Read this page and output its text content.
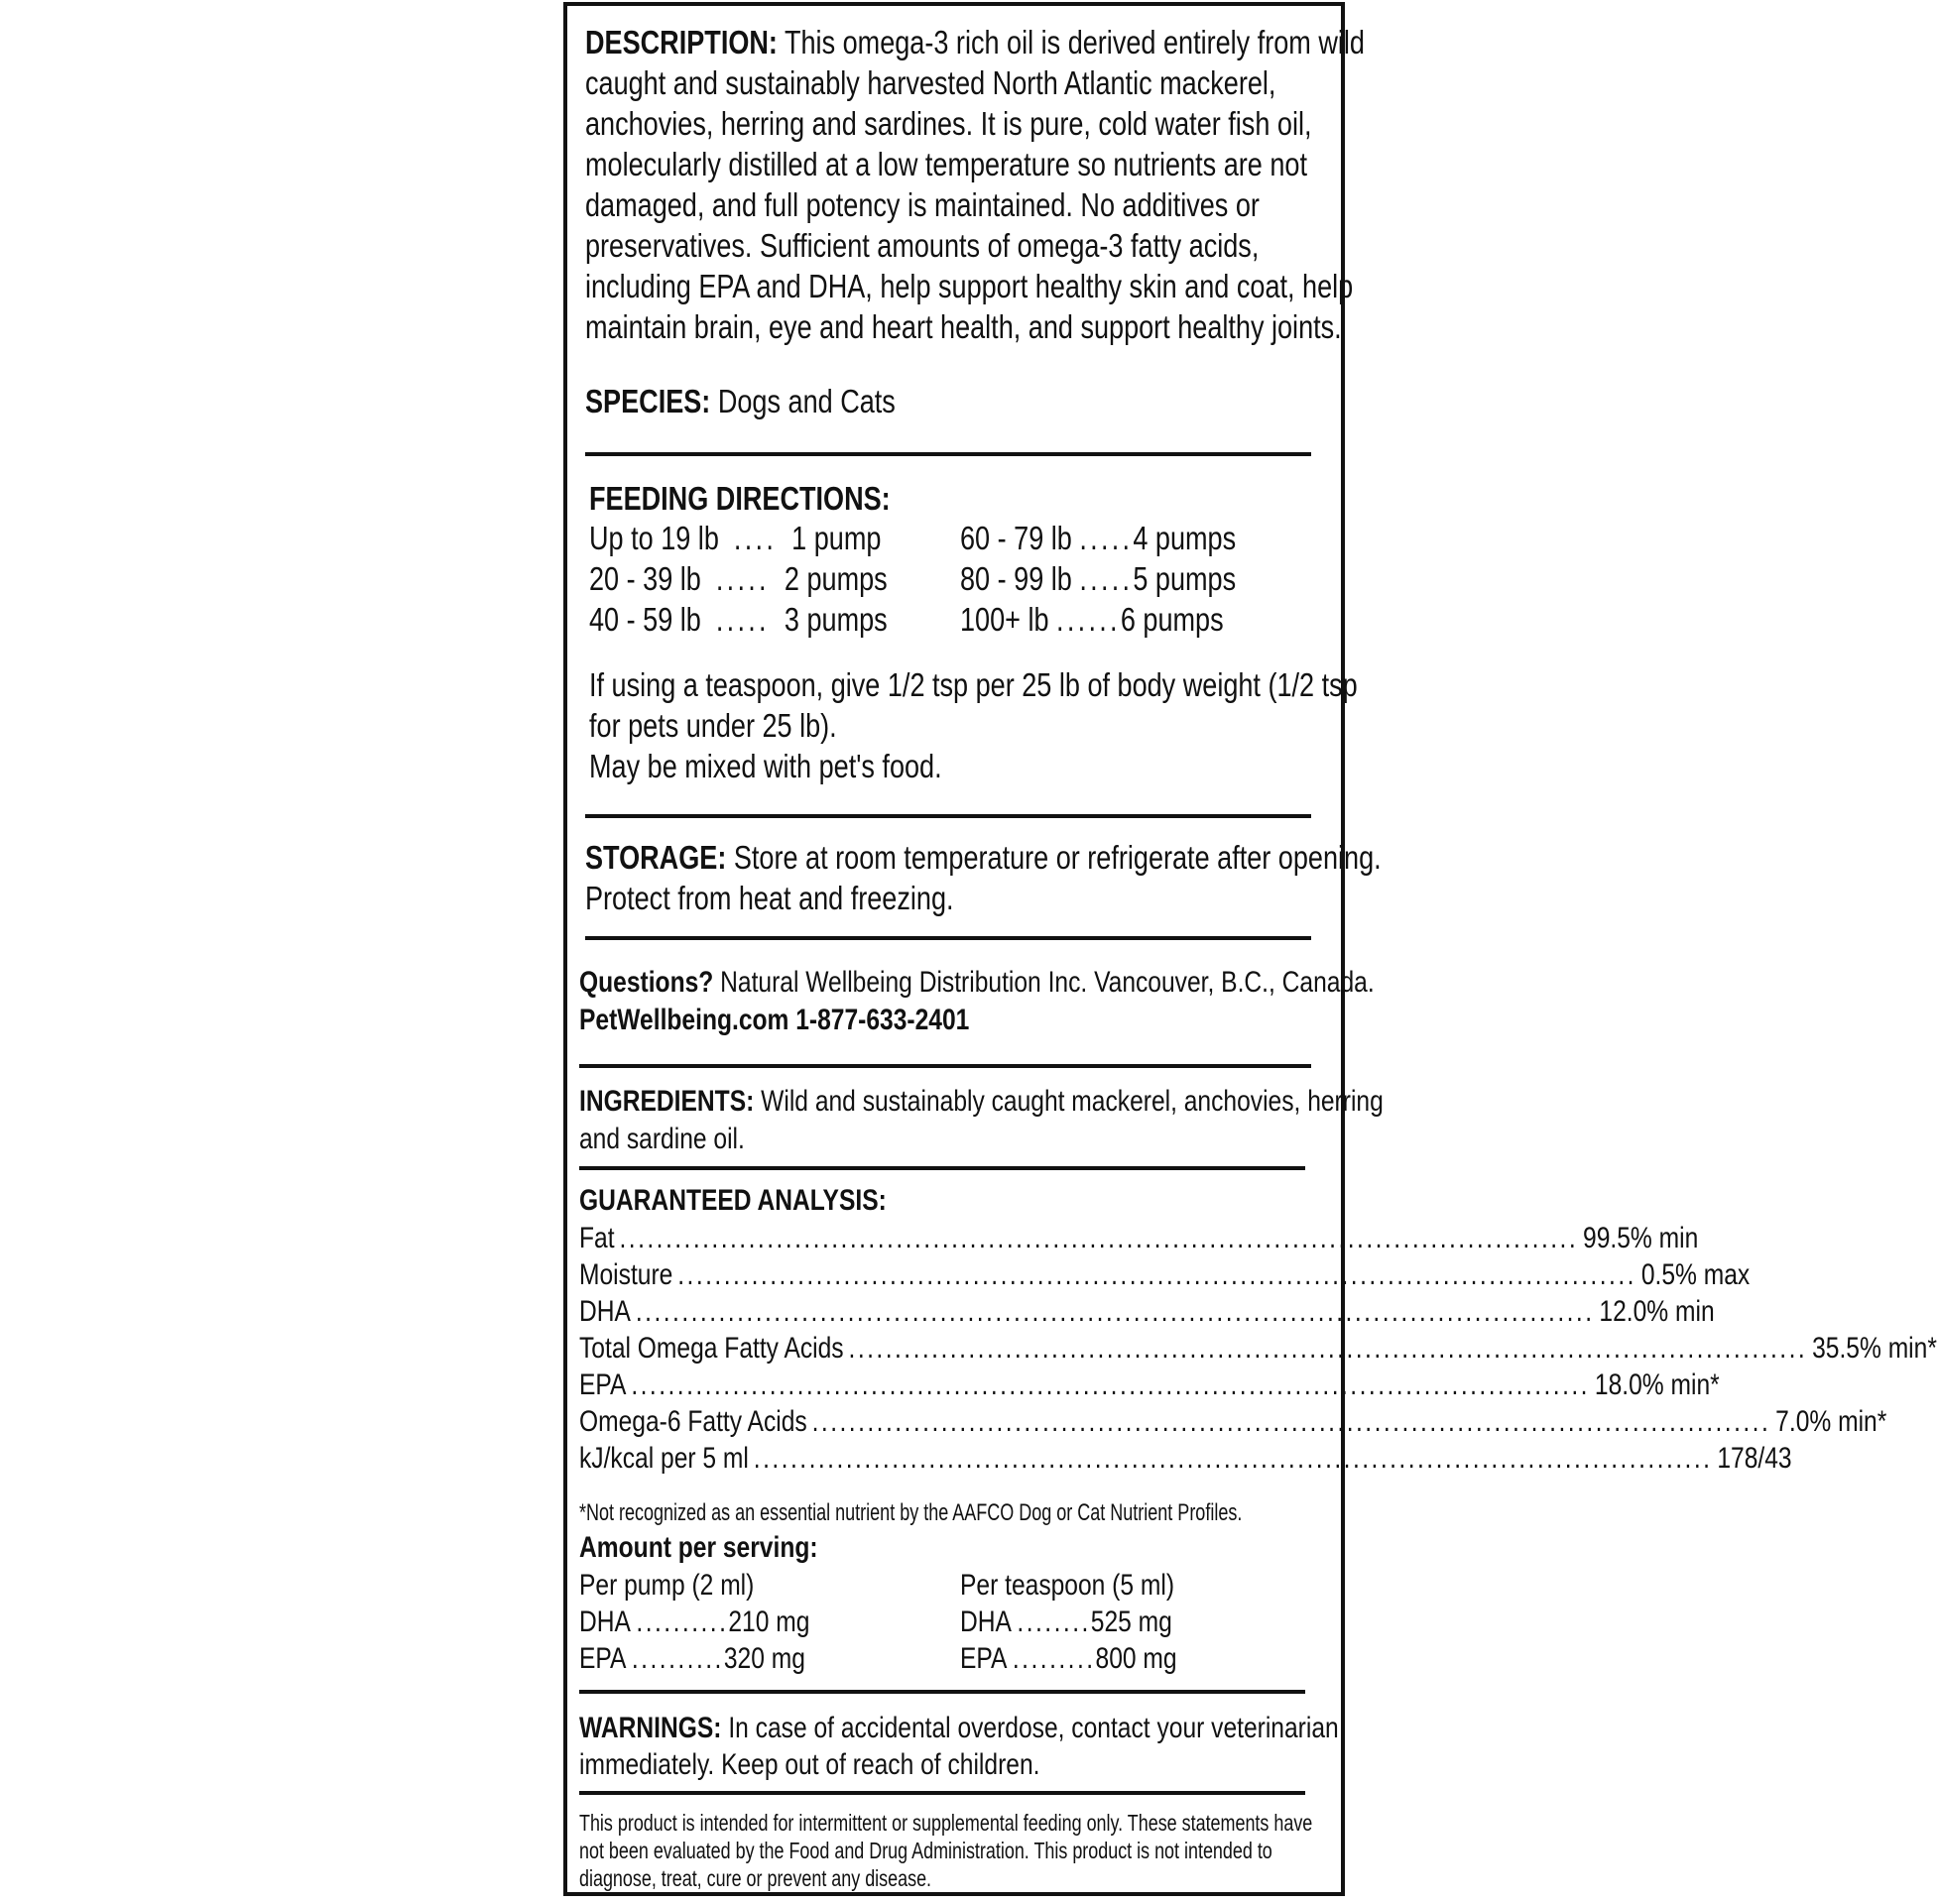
DESCRIPTION: This omega-3 rich oil is derived entirely from wild
caught and sustainably harvested North Atlantic mackerel,
anchovies, herring and sardines. It is pure, cold water fish oil,
molecularly distilled at a low temperature so nutrients are not
damaged, and full potency is maintained. No additives or
preservatives. Sufficient amounts of omega-3 fatty acids,
including EPA and DHA, help support healthy skin and coat, help
maintain brain, eye and heart health, and support healthy joints.
SPECIES: Dogs and Cats
FEEDING DIRECTIONS:
Up to 19 lb .... 1 pump
20 - 39 lb ..... 2 pumps
40 - 59 lb ..... 3 pumps
60 - 79 lb .....4 pumps
80 - 99 lb .....5 pumps
100+ lb ......6 pumps
If using a teaspoon, give 1/2 tsp per 25 lb of body weight (1/2 tsp
for pets under 25 lb).
May be mixed with pet's food.
STORAGE: Store at room temperature or refrigerate after opening.
Protect from heat and freezing.
Questions? Natural Wellbeing Distribution Inc. Vancouver, B.C., Canada.
PetWellbeing.com 1-877-633-2401
INGREDIENTS: Wild and sustainably caught mackerel, anchovies, herring
and sardine oil.
GUARANTEED ANALYSIS:
Fat ........................................................................................................ 99.5% min
Moisture ........................................................................................................ 0.5% max
DHA ........................................................................................................ 12.0% min
Total Omega Fatty Acids ........................................................................................................ 35.5% min*
EPA ........................................................................................................ 18.0% min*
Omega-6 Fatty Acids ........................................................................................................ 7.0% min*
kJ/kcal per 5 ml ........................................................................................................ 178/43
*Not recognized as an essential nutrient by the AAFCO Dog or Cat Nutrient Profiles.
Amount per serving:
Per pump (2 ml)
DHA ..........210 mg
EPA ..........320 mg
Per teaspoon (5 ml)
DHA ........525 mg
EPA .........800 mg
WARNINGS: In case of accidental overdose, contact your veterinarian
immediately. Keep out of reach of children.
This product is intended for intermittent or supplemental feeding only. These statements have
not been evaluated by the Food and Drug Administration. This product is not intended to
diagnose, treat, cure or prevent any disease.
